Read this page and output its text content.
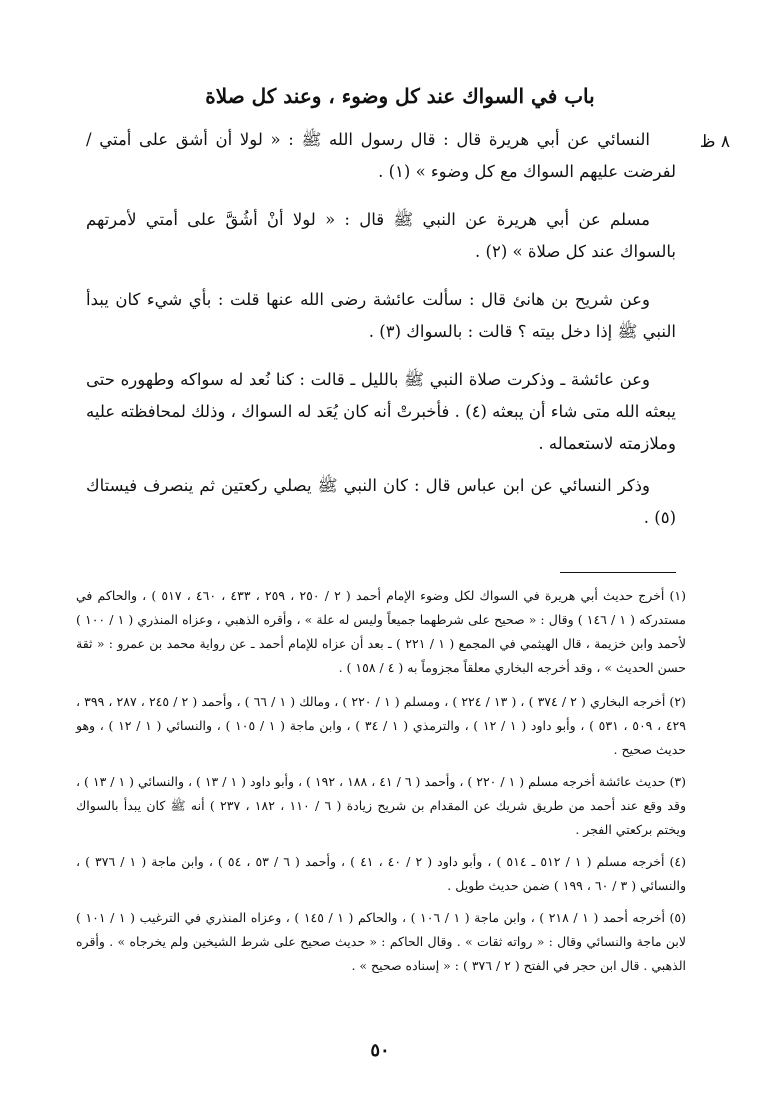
باب في السواك عند كل وضوء ، وعند كل صلاة
٨ ظ
النسائي عن أبي هريرة قال : قال رسول الله ﷺ : « لولا أن أشق على أمتي / لفرضت عليهم السواك مع كل وضوء » (١) .
مسلم عن أبي هريرة عن النبي ﷺ قال : « لولا أنْ أشُقَّ على أمتي لأمرتهم بالسواك عند كل صلاة » (٢) .
وعن شريح بن هانئ قال : سألت عائشة رضى الله عنها قلت : بأي شيء كان يبدأ النبي ﷺ إذا دخل بيته ؟ قالت : بالسواك (٣) .
وعن عائشة ـ وذكرت صلاة النبي ﷺ بالليل ـ قالت : كنا نُعد له سواكه وطهوره حتى يبعثه الله متى شاء أن يبعثه (٤) . فأخبرتْ أنه كان يُعَد له السواك ، وذلك لمحافظته عليه وملازمته لاستعماله .
وذكر النسائي عن ابن عباس قال : كان النبي ﷺ يصلي ركعتين ثم ينصرف فيستاك (٥) .
(١) أخرج حديث أبي هريرة في السواك لكل وضوء الإمام أحمد ( ٢ / ٢٥٠ ، ٢٥٩ ، ٤٣٣ ، ٤٦٠ ، ٥١٧ ) ، والحاكم في مستدركه ( ١ / ١٤٦ ) وقال : « صحيح على شرطهما جميعاً وليس له علة » ، وأقره الذهبي ، وعزاه المنذري ( ١ / ١٠٠ ) لأحمد وابن خزيمة ، قال الهيثمي في المجمع ( ١ / ٢٢١ ) ـ بعد أن عزاه للإمام أحمد ـ عن رواية محمد بن عمرو : « ثقة حسن الحديث » ، وقد أخرجه البخاري معلقاً مجزوماً به ( ٤ / ١٥٨ ) .
(٢) أخرجه البخاري ( ٢ / ٣٧٤ ) ، ( ١٣ / ٢٢٤ ) ، ومسلم ( ١ / ٢٢٠ ) ، ومالك ( ١ / ٦٦ ) ، وأحمد ( ٢ / ٢٤٥ ، ٢٨٧ ، ٣٩٩ ، ٤٢٩ ، ٥٠٩ ، ٥٣١ ) ، وأبو داود ( ١ / ١٢ ) ، والترمذي ( ١ / ٣٤ ) ، وابن ماجة ( ١ / ١٠٥ ) ، والنسائي ( ١ / ١٢ ) ، وهو حديث صحيح .
(٣) حديث عائشة أخرجه مسلم ( ١ / ٢٢٠ ) ، وأحمد ( ٦ / ٤١ ، ١٨٨ ، ١٩٢ ) ، وأبو داود ( ١ / ١٣ ) ، والنسائي ( ١ / ١٣ ) ، وقد وقع عند أحمد من طريق شريك عن المقدام بن شريح زيادة ( ٦ / ١١٠ ، ١٨٢ ، ٢٣٧ ) أنه ﷺ كان يبدأ بالسواك ويختم بركعتي الفجر .
(٤) أخرجه مسلم ( ١ / ٥١٢ ـ ٥١٤ ) ، وأبو داود ( ٢ / ٤٠ ، ٤١ ) ، وأحمد ( ٦ / ٥٣ ، ٥٤ ) ، وابن ماجة ( ١ / ٣٧٦ ) ، والنسائي ( ٣ / ٦٠ ، ١٩٩ ) ضمن حديث طويل .
(٥) أخرجه أحمد ( ١ / ٢١٨ ) ، وابن ماجة ( ١ / ١٠٦ ) ، والحاكم ( ١ / ١٤٥ ) ، وعزاه المنذري في الترغيب ( ١ / ١٠١ ) لابن ماجة والنسائي وقال : « رواته ثقات » . وقال الحاكم : « حديث صحيح على شرط الشيخين ولم يخرجاه » . وأقره الذهبي . قال ابن حجر في الفتح ( ٢ / ٣٧٦ ) : « إسناده صحيح » .
٥٠
